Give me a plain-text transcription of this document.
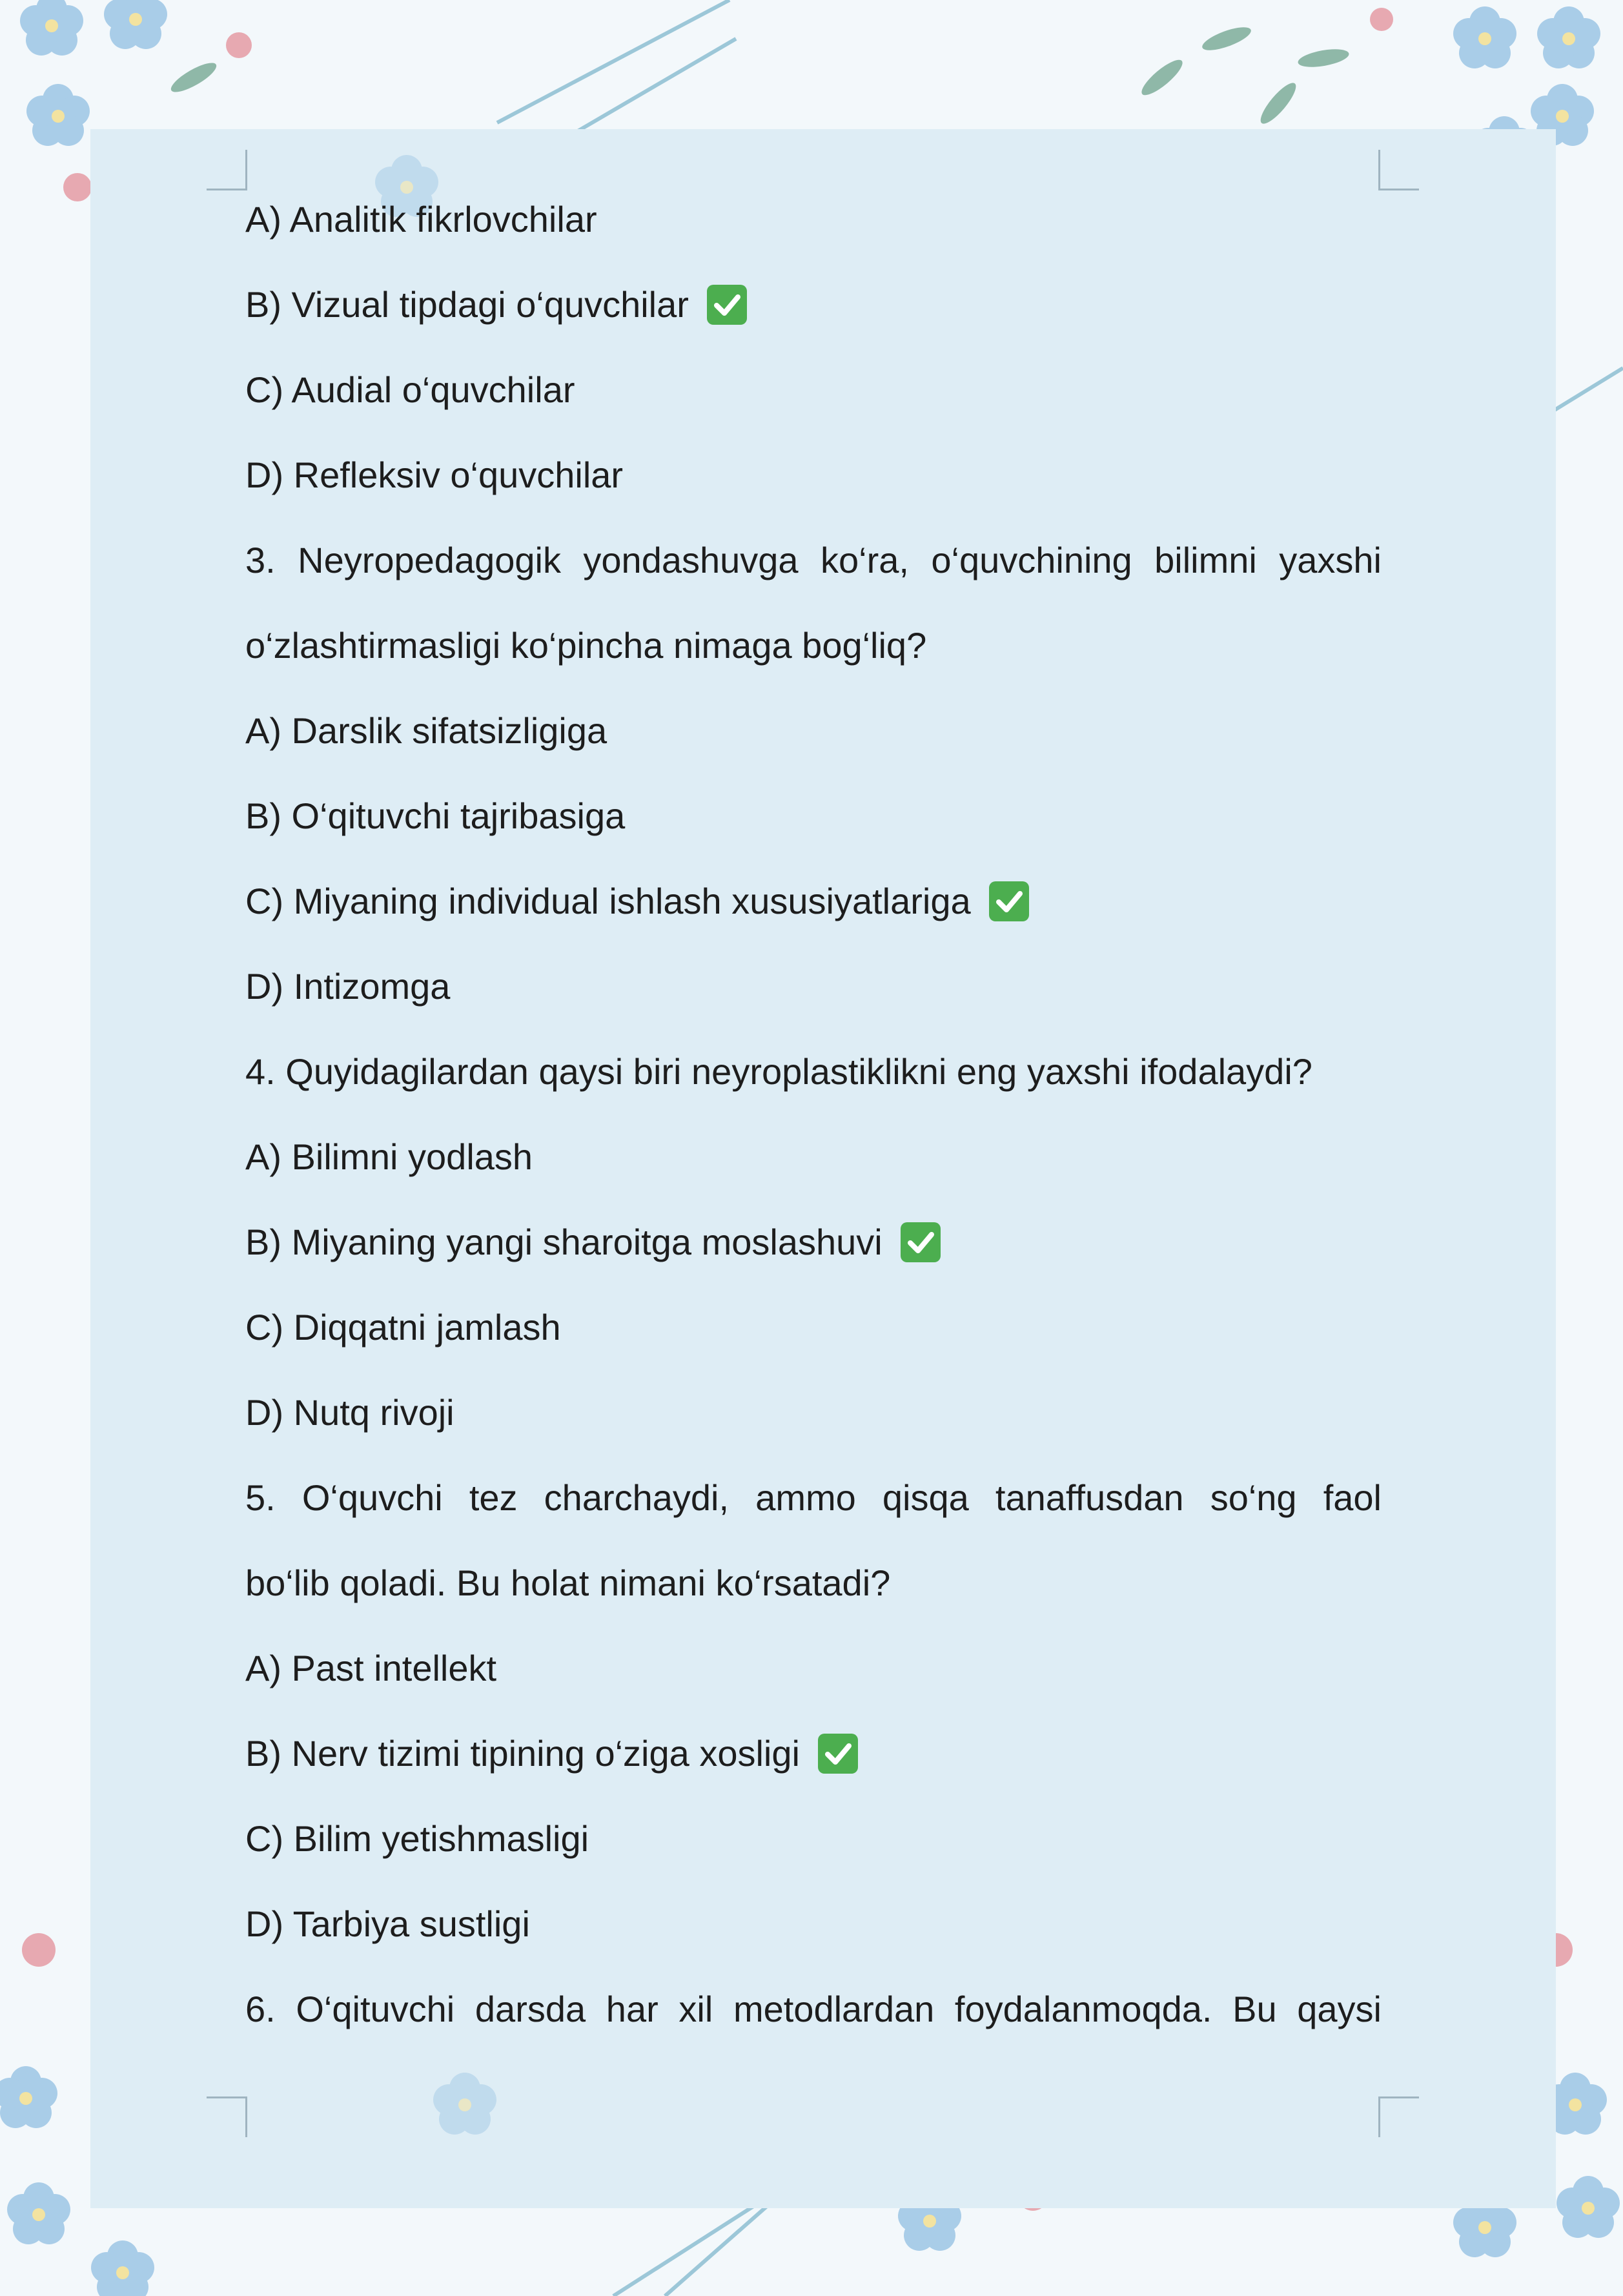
A) Analitik fikrlovchilar
B) Vizual tipdagi o‘quvchilar
C) Audial o‘quvchilar
D) Refleksiv o‘quvchilar
3. Neyropedagogik yondashuvga ko‘ra, o‘quvchining bilimni yaxshi
o‘zlashtirmasligi ko‘pincha nimaga bog‘liq?
A) Darslik sifatsizligiga
B) O‘qituvchi tajribasiga
C) Miyaning individual ishlash xususiyatlariga
D) Intizomga
4. Quyidagilardan qaysi biri neyroplastiklikni eng yaxshi ifodalaydi?
A) Bilimni yodlash
B) Miyaning yangi sharoitga moslashuvi
C) Diqqatni jamlash
D) Nutq rivoji
5. O‘quvchi tez charchaydi, ammo qisqa tanaffusdan so‘ng faol
bo‘lib qoladi. Bu holat nimani ko‘rsatadi?
A) Past intellekt
B) Nerv tizimi tipining o‘ziga xosligi
C) Bilim yetishmasligi
D) Tarbiya sustligi
6. O‘qituvchi darsda har xil metodlardan foydalanmoqda. Bu qaysi
